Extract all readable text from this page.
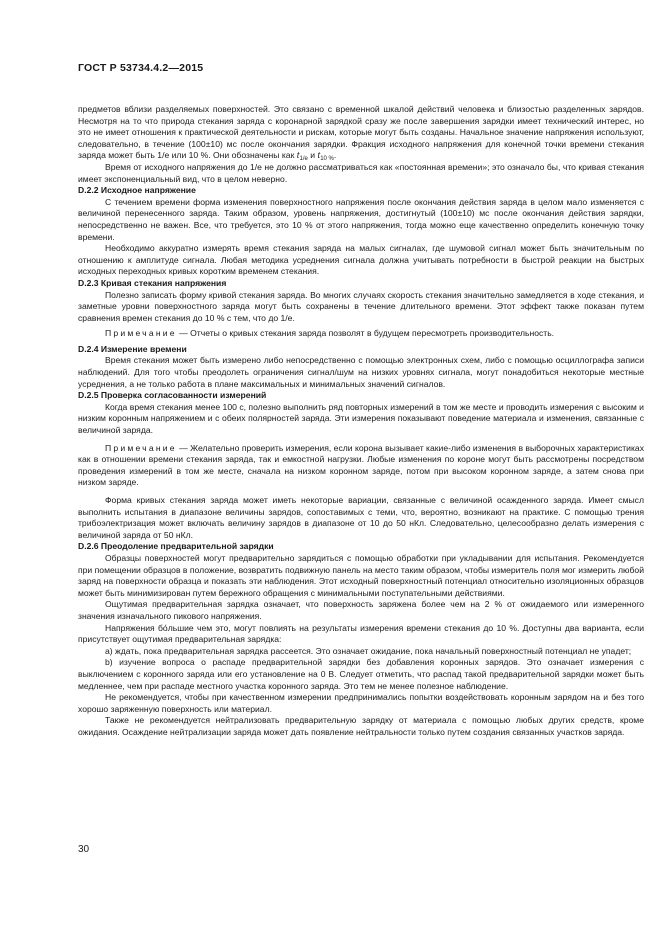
ГОСТ Р 53734.4.2—2015

предметов вблизи разделяемых поверхностей. Это связано с временной шкалой действий человека и близостью разделенных зарядов. Несмотря на то что природа стекания заряда с коронарной зарядкой сразу же после завершения зарядки имеет технический интерес, но это не имеет отношения к практической деятельности и рискам, которые могут быть созданы. Начальное значение напряжения используют, следовательно, в течение (100±10) мс после окончания зарядки. Фракция исходного напряжения для конечной точки времени стекания заряда может быть 1/e или 10 %. Они обозначены как $t_{1/e}$ и $t_{10 \%}$.

Время от исходного напряжения до 1/e не должно рассматриваться как «постоянная времени»; это означало бы, что кривая стекания имеет экспоненциальный вид, что в целом неверно.

D.2.2 Исходное напряжение

С течением времени форма изменения поверхностного напряжения после окончания действия заряда в целом мало изменяется с величиной перенесенного заряда. Таким образом, уровень напряжения, достигнутый (100±10) мс после окончания действия зарядки, непосредственно не важен. Все, что требуется, это 10 % от этого напряжения, тогда можно еще качественно определить конечную точку времени.

Необходимо аккуратно измерять время стекания заряда на малых сигналах, где шумовой сигнал может быть значительным по отношению к амплитуде сигнала. Любая методика усреднения сигнала должна учитывать потребности в быстрой реакции на быстрых исходных переходных кривых коротким временем стекания.

D.2.3 Кривая стекания напряжения

Полезно записать форму кривой стекания заряда. Во многих случаях скорость стекания значительно замедляется в ходе стекания, и заметные уровни поверхностного заряда могут быть сохранены в течение длительного времени. Этот эффект также показан путем сравнения времен стекания до 10 % с тем, что до 1/e.

Примечание — Отчеты о кривых стекания заряда позволят в будущем пересмотреть производительность.

D.2.4 Измерение времени

Время стекания может быть измерено либо непосредственно с помощью электронных схем, либо с помощью осциллографа записи наблюдений. Для того чтобы преодолеть ограничения сигнал/шум на низких уровнях сигнала, могут понадобиться некоторые местные усреднения, а не только работа в плане максимальных и минимальных значений сигналов.

D.2.5 Проверка согласованности измерений

Когда время стекания менее 100 с, полезно выполнить ряд повторных измерений в том же месте и проводить измерения с высоким и низким коронным напряжением и с обеих полярностей заряда. Эти измерения показывают поведение материала и изменения, связанные с величиной заряда.

Примечание — Желательно проверить измерения, если корона вызывает какие-либо изменения в выборочных характеристиках как в отношении времени стекания заряда, так и емкостной нагрузки. Любые изменения по короне могут быть рассмотрены посредством проведения измерений в том же месте, сначала на низком коронном заряде, потом при высоком коронном заряде, а затем снова при низком заряде.

Форма кривых стекания заряда может иметь некоторые вариации, связанные с величиной осажденного заряда. Имеет смысл выполнить испытания в диапазоне величины зарядов, сопоставимых с теми, что, вероятно, возникают на практике. С помощью трения трибоэлектризация может включать величину зарядов в диапазоне от 10 до 50 нКл. Следовательно, целесообразно делать измерения с величиной заряда от 50 нКл.

D.2.6 Преодоление предварительной зарядки

Образцы поверхностей могут предварительно зарядиться с помощью обработки при укладывании для испытания. Рекомендуется при помещении образцов в положение, возвратить подвижную панель на место таким образом, чтобы измеритель поля мог измерить любой заряд на поверхности образца и показать эти наблюдения. Этот исходный поверхностный потенциал относительно изоляционных образцов может быть минимизирован путем бережного обращения с минимальными поступательными действиями.

Ощутимая предварительная зарядка означает, что поверхность заряжена более чем на 2 % от ожидаемого или измеренного значения изначального пикового напряжения.

Напряжения бо́льшие чем это, могут повлиять на результаты измерения времени стекания до 10 %. Доступны два варианта, если присутствует ощутимая предварительная зарядка:

a) ждать, пока предварительная зарядка рассеется. Это означает ожидание, пока начальный поверхностный потенциал не упадет;

b) изучение вопроса о распаде предварительной зарядки без добавления коронных зарядов. Это означает измерения с выключением с коронного заряда или его установление на 0 В. Следует отметить, что распад такой предварительной зарядки может быть медленнее, чем при распаде местного участка коронного заряда. Это тем не менее полезное наблюдение.

Не рекомендуется, чтобы при качественном измерении предпринимались попытки воздействовать коронным зарядом на и без того хорошо заряженную поверхность или материал.

Также не рекомендуется нейтрализовать предварительную зарядку от материала с помощью любых других средств, кроме ожидания. Осаждение нейтрализации заряда может дать появление нейтральности только путем создания связанных участков заряда.

30
